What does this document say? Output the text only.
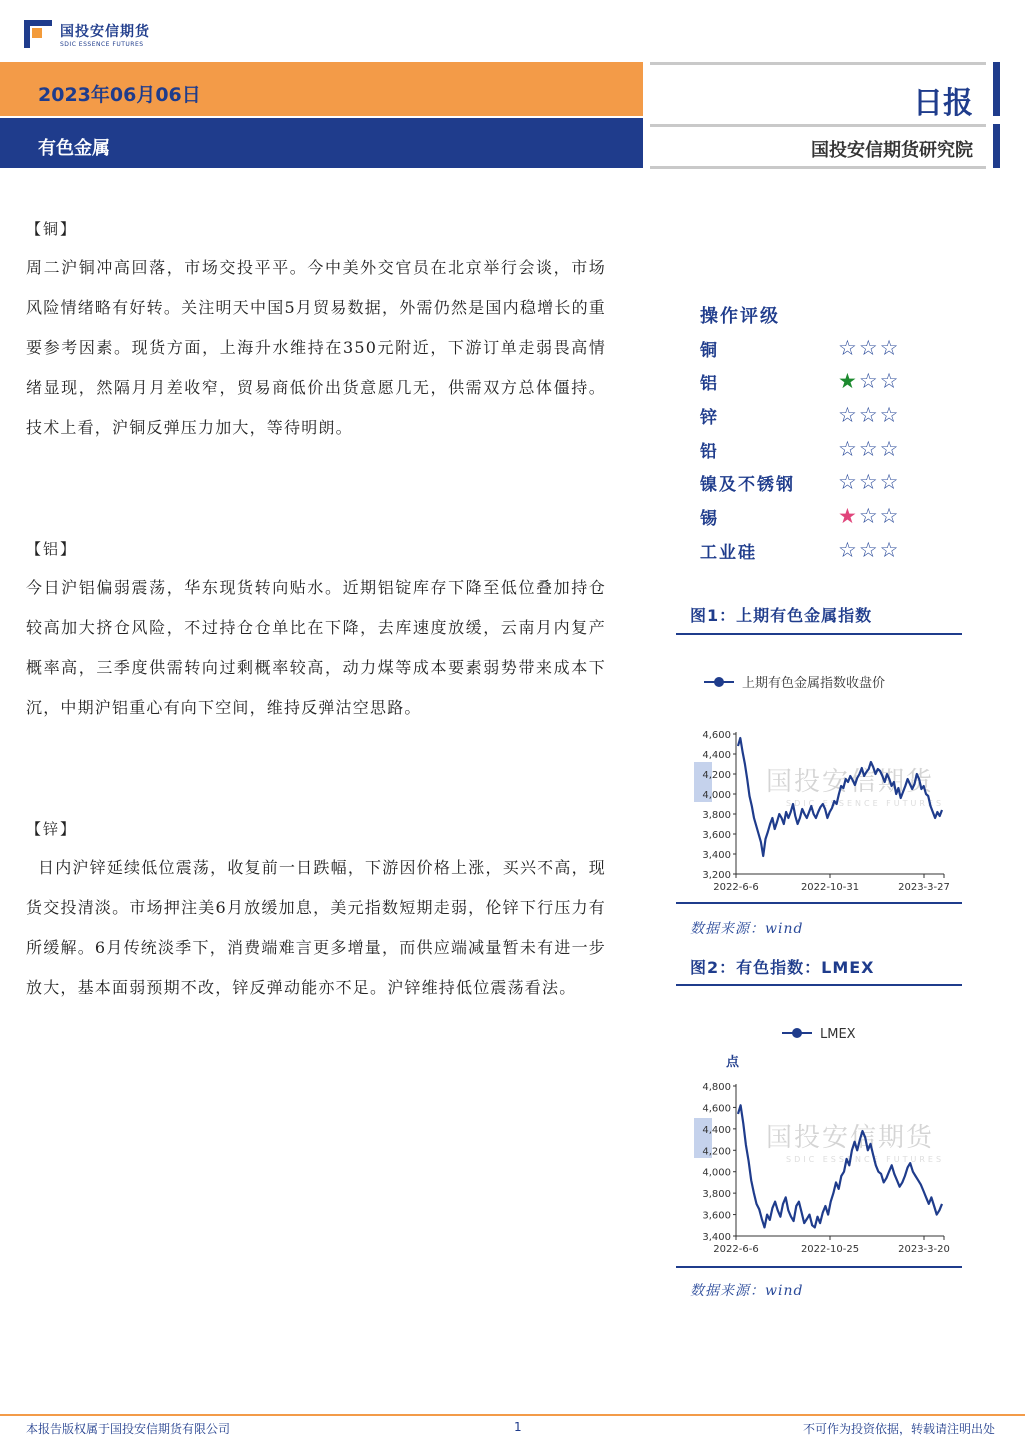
国投安信期货
SDIC ESSENCE FUTURES
2023年06月06日
有色金属
日报
国投安信期货研究院
【铜】
周二沪铜冲高回落，市场交投平平。今中美外交官员在北京举行会谈，市场风险情绪略有好转。关注明天中国5月贸易数据，外需仍然是国内稳增长的重要参考因素。现货方面，上海升水维持在350元附近，下游订单走弱畏高情绪显现，然隔月月差收窄，贸易商低价出货意愿几无，供需双方总体僵持。技术上看，沪铜反弹压力加大，等待明朗。
【铝】
今日沪铝偏弱震荡，华东现货转向贴水。近期铝锭库存下降至低位叠加持仓较高加大挤仓风险，不过持仓仓单比在下降，去库速度放缓，云南月内复产概率高，三季度供需转向过剩概率较高，动力煤等成本要素弱势带来成本下沉，中期沪铝重心有向下空间，维持反弹沽空思路。
【锌】
日内沪锌延续低位震荡，收复前一日跌幅，下游因价格上涨，买兴不高，现货交投清淡。市场押注美6月放缓加息，美元指数短期走弱，伦锌下行压力有所缓解。6月传统淡季下，消费端难言更多增量，而供应端减量暂未有进一步放大，基本面弱预期不改，锌反弹动能亦不足。沪锌维持低位震荡看法。
操作评级
铜	☆ ☆ ☆
铝	★ ☆ ☆
锌	☆ ☆ ☆
铅	☆ ☆ ☆
镍及不锈钢	☆ ☆ ☆
锡	★ ☆ ☆
工业硅	☆ ☆ ☆
图1：上期有色金属指数
国投安信期货
SDIC ESSENCE FUTURES
上期有色金属指数收盘价
3,200
3,400
3,600
3,800
4,000
4,200
4,400
4,600
2022-6-6	2022-10-31	2023-3-27
数据来源：wind
图2：有色指数：LMEX
国投安信期货
SDIC ESSENCE FUTURES
LMEX
点
3,400
3,600
3,800
4,000
4,200
4,400
4,600
4,800
2022-6-6	2022-10-25	2023-3-20
数据来源：wind
本报告版权属于国投安信期货有限公司	1	不可作为投资依据，转载请注明出处
